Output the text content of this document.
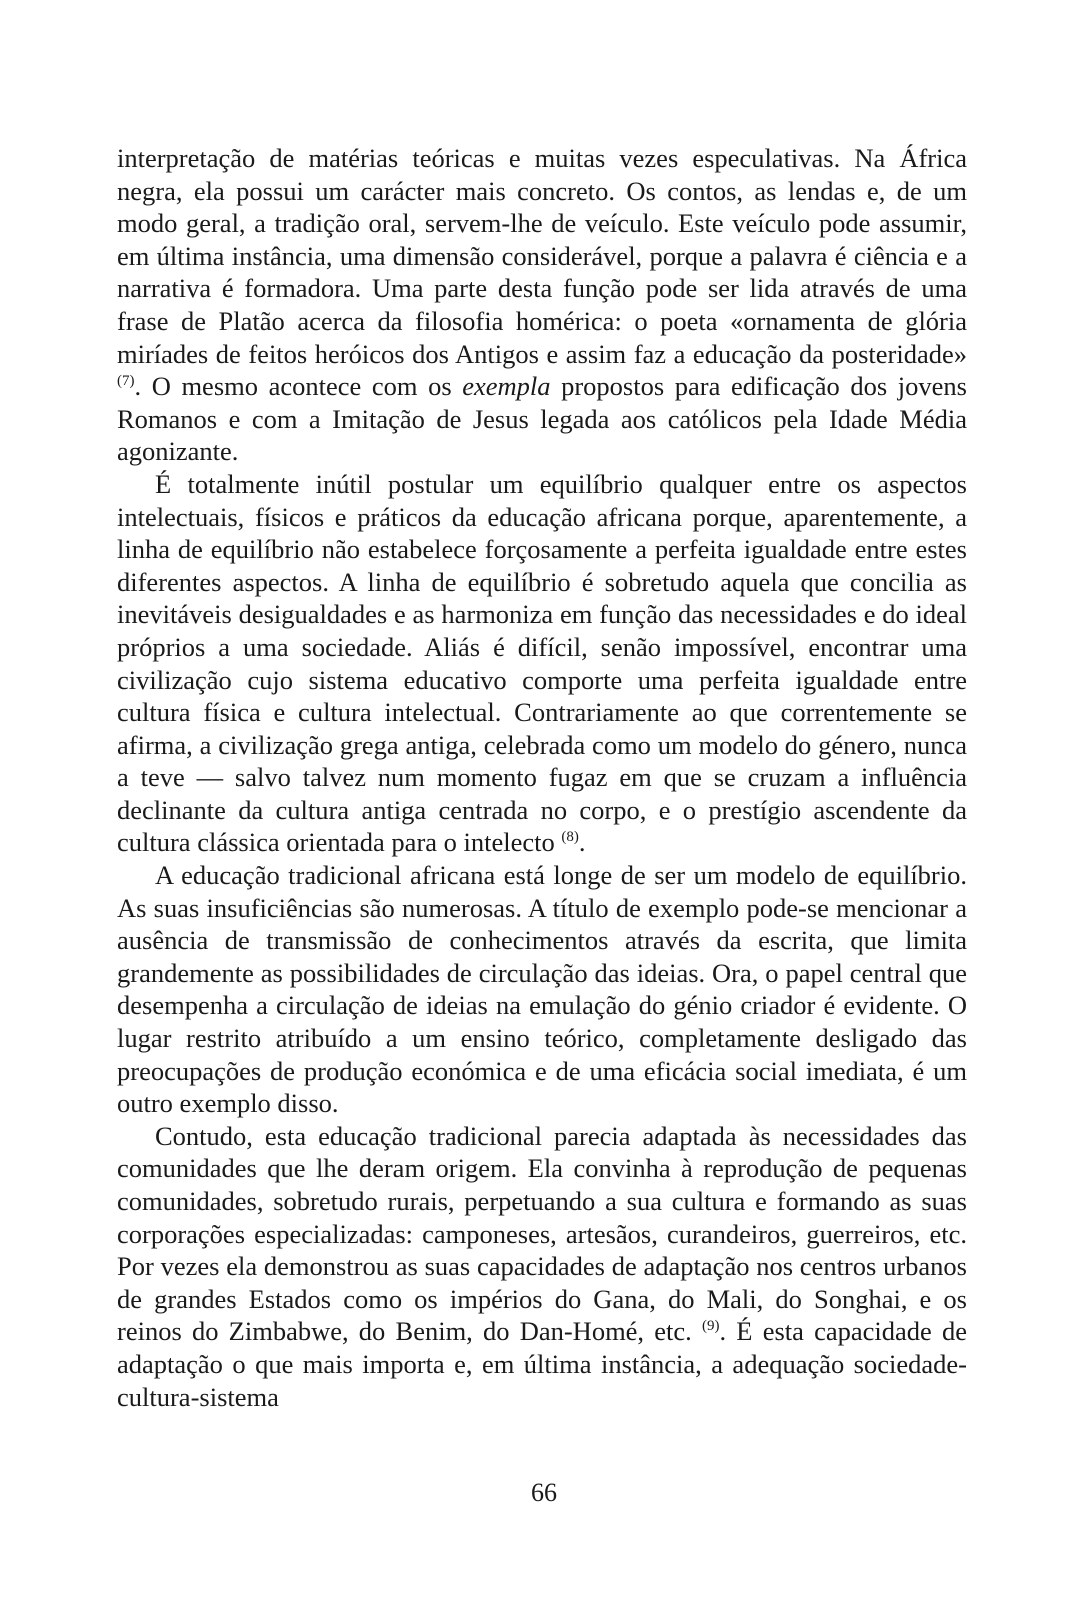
interpretação de matérias teóricas e muitas vezes especulativas. Na África negra, ela possui um carácter mais concreto. Os contos, as lendas e, de um modo geral, a tradição oral, servem-lhe de veículo. Este veículo pode assumir, em última instância, uma dimensão considerável, porque a palavra é ciência e a narrativa é formadora. Uma parte desta função pode ser lida através de uma frase de Platão acerca da filosofia homérica: o poeta «ornamenta de glória miríades de feitos heróicos dos Antigos e assim faz a educação da posteridade» $^{(7)}$. O mesmo acontece com os exempla propostos para edificação dos jovens Romanos e com a Imitação de Jesus legada aos católicos pela Idade Média agonizante.

É totalmente inútil postular um equilíbrio qualquer entre os aspectos intelectuais, físicos e práticos da educação africana porque, aparentemente, a linha de equilíbrio não estabelece forçosamente a perfeita igualdade entre estes diferentes aspectos. A linha de equilíbrio é sobretudo aquela que concilia as inevitáveis desigualdades e as harmoniza em função das necessidades e do ideal próprios a uma sociedade. Aliás é difícil, senão impossível, encontrar uma civilização cujo sistema educativo comporte uma perfeita igualdade entre cultura física e cultura intelectual. Contrariamente ao que correntemente se afirma, a civilização grega antiga, celebrada como um modelo do género, nunca a teve — salvo talvez num momento fugaz em que se cruzam a influência declinante da cultura antiga centrada no corpo, e o prestígio ascendente da cultura clássica orientada para o intelecto $^{(8)}$.

A educação tradicional africana está longe de ser um modelo de equilíbrio. As suas insuficiências são numerosas. A título de exemplo pode-se mencionar a ausência de transmissão de conhecimentos através da escrita, que limita grandemente as possibilidades de circulação das ideias. Ora, o papel central que desempenha a circulação de ideias na emulação do génio criador é evidente. O lugar restrito atribuído a um ensino teórico, completamente desligado das preocupações de produção económica e de uma eficácia social imediata, é um outro exemplo disso.

Contudo, esta educação tradicional parecia adaptada às necessidades das comunidades que lhe deram origem. Ela convinha à reprodução de pequenas comunidades, sobretudo rurais, perpetuando a sua cultura e formando as suas corporações especializadas: camponeses, artesãos, curandeiros, guerreiros, etc. Por vezes ela demonstrou as suas capacidades de adaptação nos centros urbanos de grandes Estados como os impérios do Gana, do Mali, do Songhai, e os reinos do Zimbabwe, do Benim, do Dan-Homé, etc. $^{(9)}$. É esta capacidade de adaptação o que mais importa e, em última instância, a adequação sociedade-cultura-sistema

66
